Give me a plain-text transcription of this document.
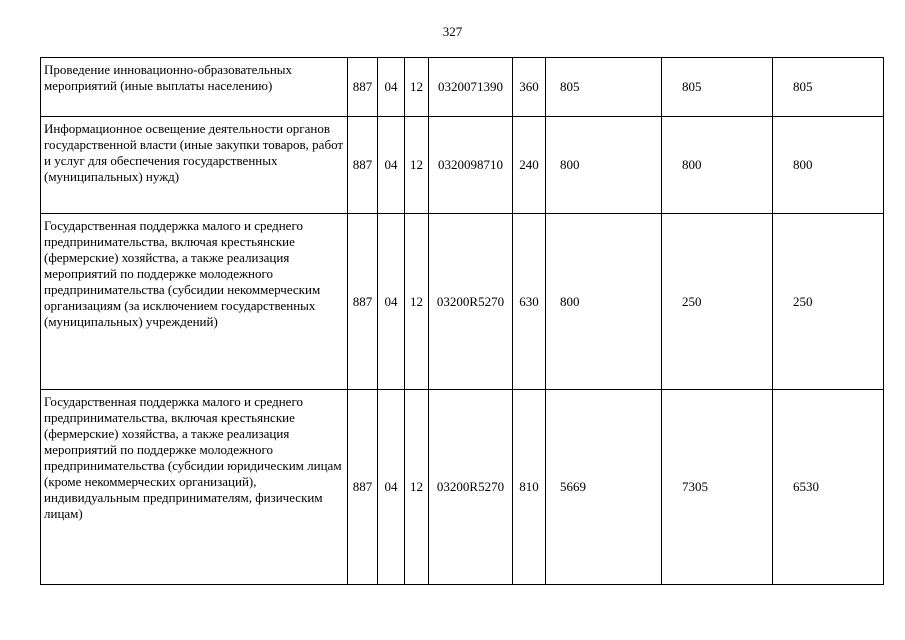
327
Проведение инновационно-образовательных мероприятий (иные выплаты населению)	887	04	12	0320071390	360	805	805	805

Информационное освещение деятельности органов государственной власти (иные закупки товаров, работ и услуг для обеспечения государственных (муниципальных) нужд)	887	04	12	0320098710	240	800	800	800

Государственная поддержка малого и среднего предпринимательства, включая крестьянские (фермерские) хозяйства, а также реализация мероприятий по поддержке молодежного предпринимательства (субсидии некоммерческим организациям (за исключением государственных (муниципальных) учреждений)	887	04	12	03200R5270	630	800	250	250

Государственная поддержка малого и среднего предпринимательства, включая крестьянские (фермерские) хозяйства, а также реализация мероприятий по поддержке молодежного предпринимательства (субсидии юридическим лицам (кроме некоммерческих организаций), индивидуальным предпринимателям, физическим лицам)	887	04	12	03200R5270	810	5669	7305	6530
